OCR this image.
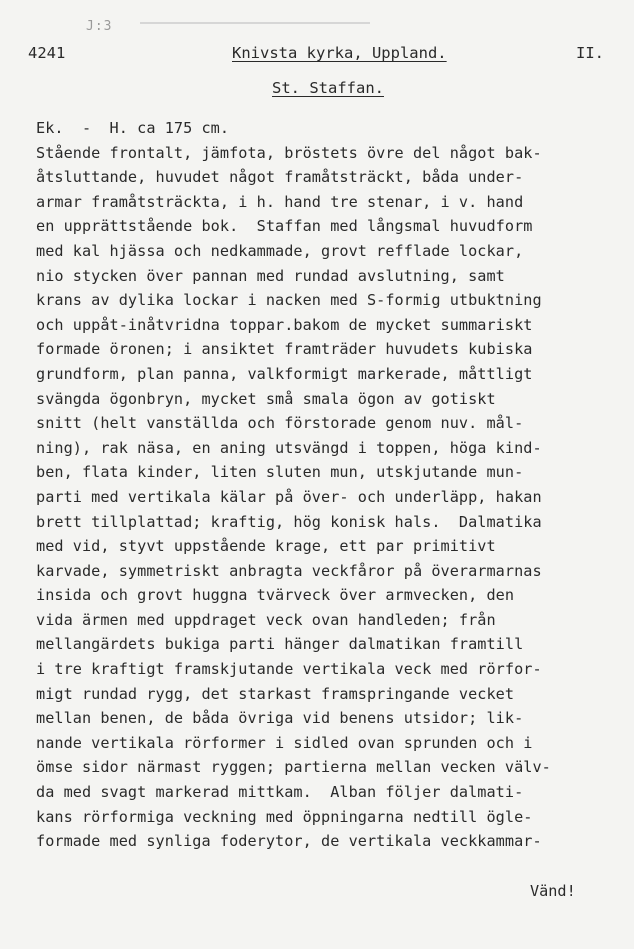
J:3
4241	Knivsta kyrka, Uppland.	II.
St. Staffan.
Ek.  -  H. ca 175 cm.
Stående frontalt, jämfota, bröstets övre del något bak-
åtsluttande, huvudet något framåtsträckt, båda under-
armar framåtsträckta, i h. hand tre stenar, i v. hand
en upprättstående bok.  Staffan med långsmal huvudform
med kal hjässa och nedkammade, grovt refflade lockar,
nio stycken över pannan med rundad avslutning, samt
krans av dylika lockar i nacken med S-formig utbuktning
och uppåt-inåtvridna toppar.bakom de mycket summariskt
formade öronen; i ansiktet framträder huvudets kubiska
grundform, plan panna, valkformigt markerade, måttligt
svängda ögonbryn, mycket små smala ögon av gotiskt
snitt (helt vanställda och förstorade genom nuv. mål-
ning), rak näsa, en aning utsvängd i toppen, höga kind-
ben, flata kinder, liten sluten mun, utskjutande mun-
parti med vertikala kälar på över- och underläpp, hakan
brett tillplattad; kraftig, hög konisk hals.  Dalmatika
med vid, styvt uppstående krage, ett par primitivt
karvade, symmetriskt anbragta veckfåror på överarmarnas
insida och grovt huggna tvärveck över armvecken, den
vida ärmen med uppdraget veck ovan handleden; från
mellangärdets bukiga parti hänger dalmatikan framtill
i tre kraftigt framskjutande vertikala veck med rörfor-
migt rundad rygg, det starkast framspringande vecket
mellan benen, de båda övriga vid benens utsidor; lik-
nande vertikala rörformer i sidled ovan sprunden och i
ömse sidor närmast ryggen; partierna mellan vecken välv-
da med svagt markerad mittkam.  Alban följer dalmati-
kans rörformiga veckning med öppningarna nedtill ögle-
formade med synliga foderytor, de vertikala veckkammar-
Vänd!
